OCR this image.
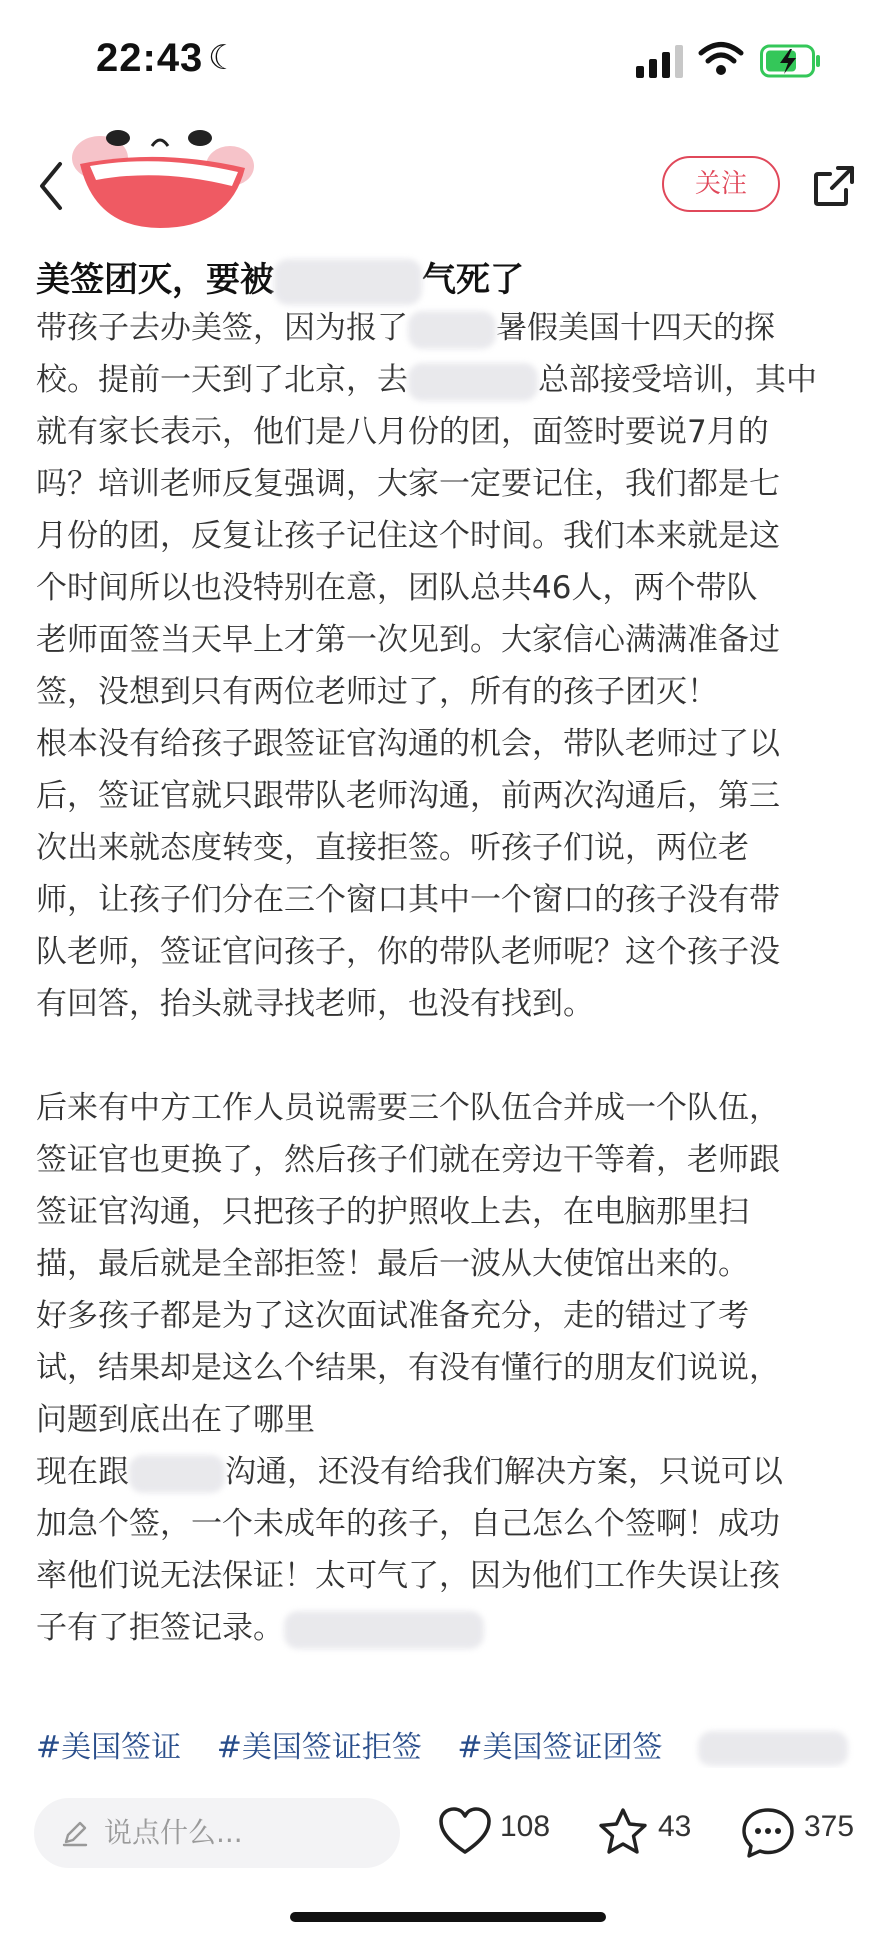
22:43 ☾
关注
美签团灭，要被	气死了
带孩子去办美签，因为报了	暑假美国十四天的探
校。提前一天到了北京，去	总部接受培训，其中
就有家长表示，他们是八月份的团，面签时要说7月的
吗？培训老师反复强调，大家一定要记住，我们都是七
月份的团，反复让孩子记住这个时间。我们本来就是这
个时间所以也没特别在意，团队总共46人，两个带队
老师面签当天早上才第一次见到。大家信心满满准备过
签，没想到只有两位老师过了，所有的孩子团灭！
根本没有给孩子跟签证官沟通的机会，带队老师过了以
后，签证官就只跟带队老师沟通，前两次沟通后，第三
次出来就态度转变，直接拒签。听孩子们说，两位老
师，让孩子们分在三个窗口其中一个窗口的孩子没有带
队老师，签证官问孩子，你的带队老师呢？这个孩子没
有回答，抬头就寻找老师，也没有找到。
后来有中方工作人员说需要三个队伍合并成一个队伍，
签证官也更换了，然后孩子们就在旁边干等着，老师跟
签证官沟通，只把孩子的护照收上去，在电脑那里扫
描，最后就是全部拒签！最后一波从大使馆出来的。
好多孩子都是为了这次面试准备充分，走的错过了考
试，结果却是这么个结果，有没有懂行的朋友们说说，
问题到底出在了哪里
现在跟	沟通，还没有给我们解决方案，只说可以
加急个签，一个未成年的孩子，自己怎么个签啊！成功
率他们说无法保证！太可气了，因为他们工作失误让孩
子有了拒签记录。
#美国签证 #美国签证拒签 #美国签证团签
说点什么...	108	43	375
